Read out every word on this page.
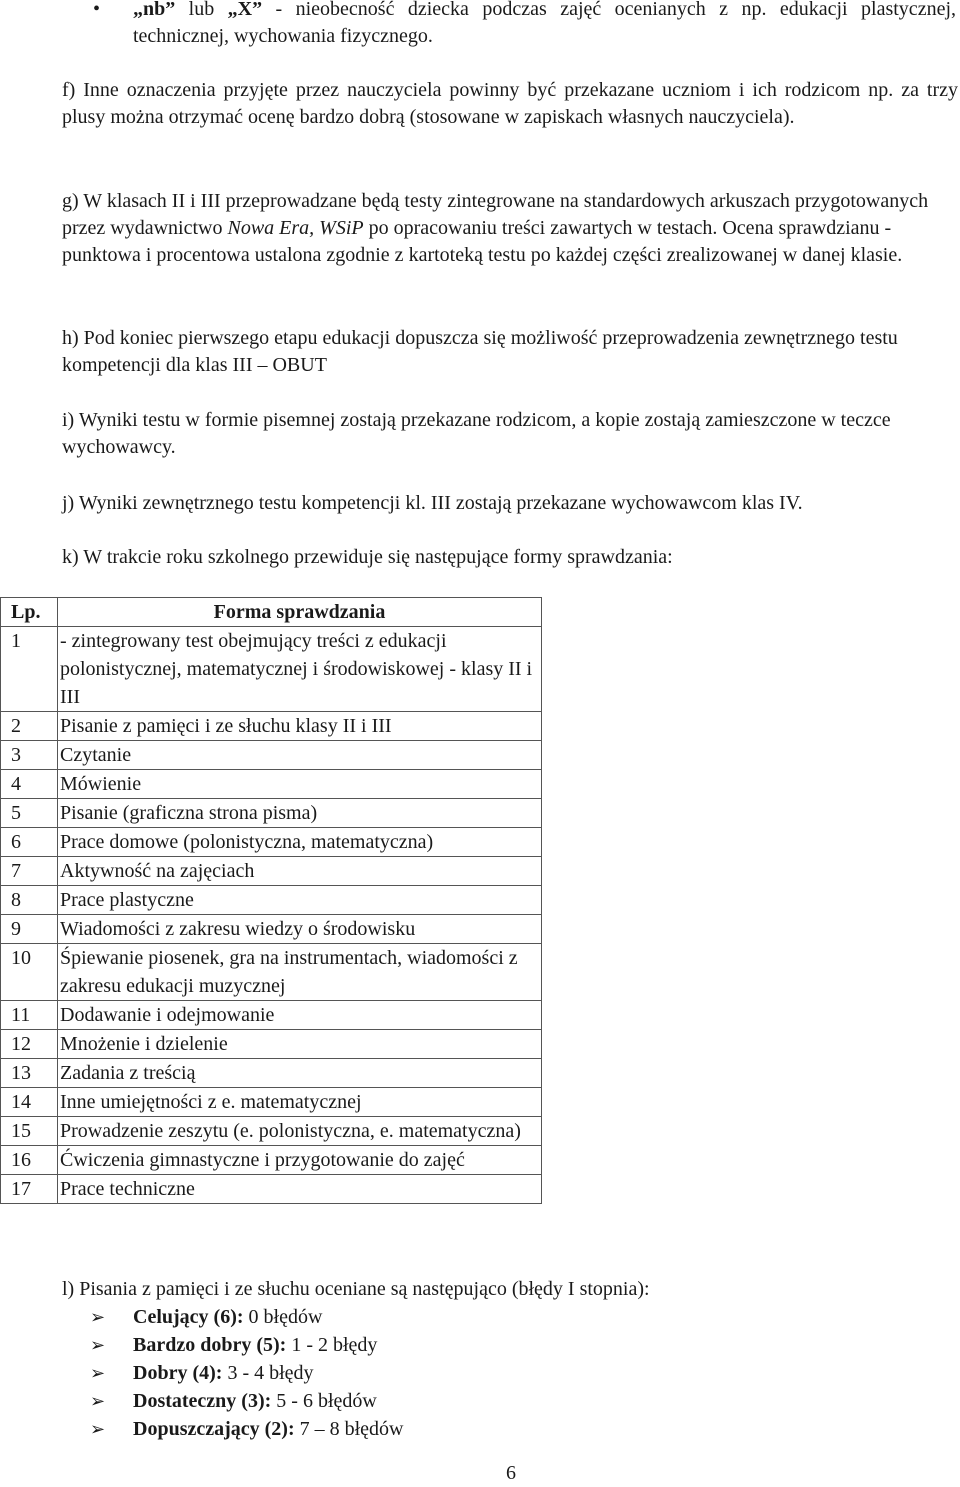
• „nb” lub „X” - nieobecność dziecka podczas zajęć ocenianych z np. edukacji plastycznej, technicznej, wychowania fizycznego.

f) Inne oznaczenia przyjęte przez nauczyciela powinny być przekazane uczniom i ich rodzicom np. za trzy plusy można otrzymać ocenę bardzo dobrą (stosowane w zapiskach własnych nauczyciela).

g) W klasach II i III przeprowadzane będą testy zintegrowane na standardowych arkuszach przygotowanych przez wydawnictwo Nowa Era, WSiP po opracowaniu treści zawartych w testach. Ocena sprawdzianu - punktowa i procentowa ustalona zgodnie z kartoteką testu po każdej części zrealizowanej w danej klasie.

h) Pod koniec pierwszego etapu edukacji dopuszcza się możliwość przeprowadzenia zewnętrznego testu kompetencji dla klas III – OBUT

i) Wyniki testu w formie pisemnej zostają przekazane rodzicom, a kopie zostają zamieszczone w teczce wychowawcy.

j) Wyniki zewnętrznego testu kompetencji kl. III zostają przekazane wychowawcom klas IV.

k) W trakcie roku szkolnego przewiduje się następujące formy sprawdzania:

Lp.	Forma sprawdzania
1	- zintegrowany test obejmujący treści z edukacji polonistycznej, matematycznej i środowiskowej - klasy II i III
2	Pisanie z pamięci i ze słuchu klasy II i III
3	Czytanie
4	Mówienie
5	Pisanie (graficzna strona pisma)
6	Prace domowe (polonistyczna, matematyczna)
7	Aktywność na zajęciach
8	Prace plastyczne
9	Wiadomości z zakresu wiedzy o środowisku
10	Śpiewanie piosenek, gra na instrumentach, wiadomości z zakresu edukacji muzycznej
11	Dodawanie i odejmowanie
12	Mnożenie i dzielenie
13	Zadania z treścią
14	Inne umiejętności z e. matematycznej
15	Prowadzenie zeszytu (e. polonistyczna, e. matematyczna)
16	Ćwiczenia gimnastyczne i przygotowanie do zajęć
17	Prace techniczne

l) Pisania z pamięci i ze słuchu oceniane są następująco (błędy I stopnia):

➢ Celujący (6): 0 błędów
➢ Bardzo dobry (5): 1 - 2 błędy
➢ Dobry (4): 3 - 4 błędy
➢ Dostateczny (3): 5 - 6 błędów
➢ Dopuszczający (2): 7 – 8 błędów
6
